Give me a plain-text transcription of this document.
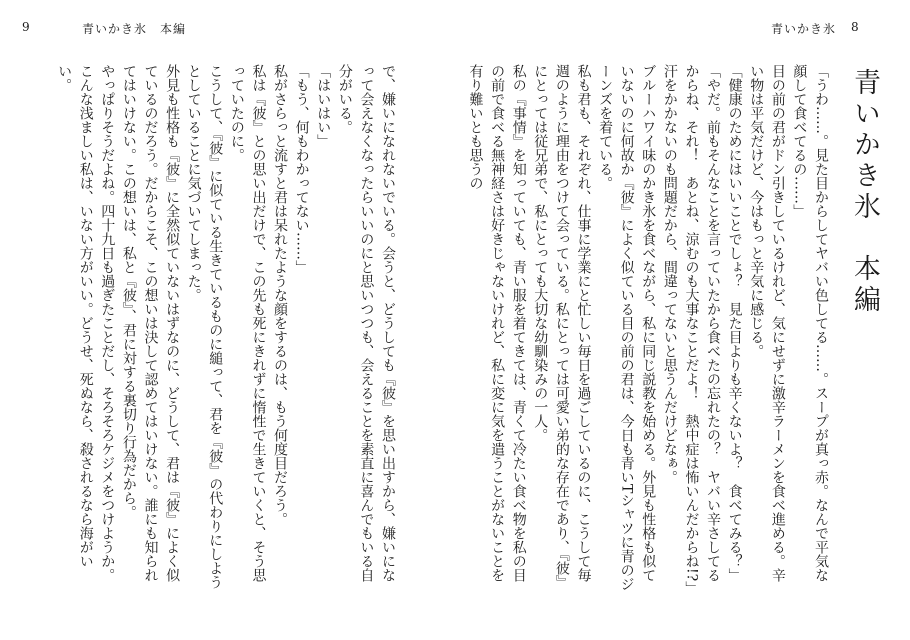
9	青いかき氷　本編

で、嫌いになれないでいる。会うと、どうしても『彼』を思い出すから、嫌いになって会えなくなったらいいのにと思いつつも、会えることを素直に喜んでもいる自分がいる。

「はいはい」

「もう、何もわかってない……」

私がさらっと流すと君は呆れたような顔をするのは、もう何度目だろう。

私は『彼』との思い出だけで、この先も死にきれずに惰性で生きていくと、そう思っていたのに。

こうして、『彼』に似ている生きているものに縋って、君を『彼』の代わりにしようとしていることに気づいてしまった。

外見も性格も『彼』に全然似ていないはずなのに、どうして、君は『彼』によく似ているのだろう。だからこそ、この想いは決して認めてはいけない。誰にも知られてはいけない。この想いは、私と『彼』、君に対する裏切り行為だから。

やっぱりそうだよね。四十九日も過ぎたことだし、そろそろケジメをつけようか。こんな浅ましい私は、いない方がいい。どうせ、死ぬなら、殺されるなら海がいい。

青いかき氷 8
青いかき氷　本編

「うわ……。見た目からしてヤバい色してる……。スープが真っ赤。なんで平気な顔して食べてるの……」

目の前の君がドン引きしているけれど、気にせずに激辛ラーメンを食べ進める。辛い物は平気だけど、今はもっと辛気に感じる。

「健康のためにはいいことでしょ？　見た目よりも辛くないよ？　食べてみる？」

「やだ。前もそんなことを言っていたから食べたの忘れたの？　ヤバい辛さしてるからね、それ！　あとね、涼むのも大事なことだよ！　熱中症は怖いんだからね!?」

汗をかかないのも問題だから、間違ってないと思うんだけどなぁ。

ブルーハワイ味のかき氷を食べながら、私に同じ説教を始める。外見も性格も似ていないのに何故か『彼』によく似ている目の前の君は、今日も青いTシャツに青のジーンズを着ている。

私も君も、それぞれ、仕事に学業にと忙しい毎日を過ごしているのに、こうして毎週のように理由をつけて会っている。私にとっては可愛い弟的な存在であり、『彼』にとっては従兄弟で、私にとっても大切な幼馴染みの一人。

私の『事情』を知っていても、青い服を着てきては、青くて冷たい食べ物を私の目の前で食べる無神経さは好きじゃないけれど、私に変に気を遣うことがないことを有り難いとも思うの
